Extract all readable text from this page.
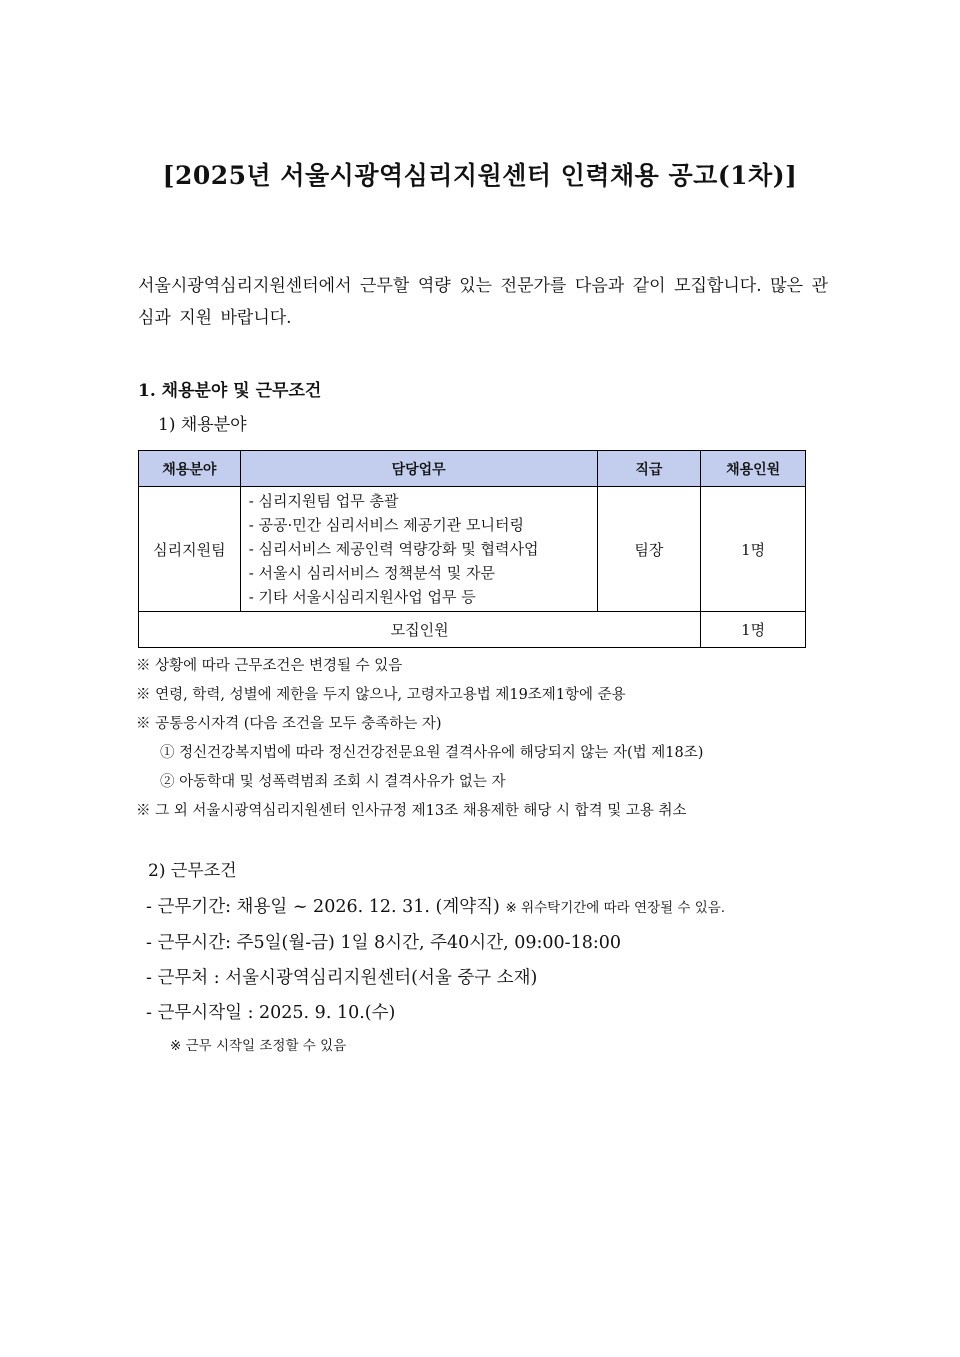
[2025년 서울시광역심리지원센터 인력채용 공고(1차)]
서울시광역심리지원센터에서 근무할 역량 있는 전문가를 다음과 같이 모집합니다. 많은 관심과 지원 바랍니다.
1. 채용분야 및 근무조건
1) 채용분야
채용분야	담당업무	직급	채용인원
심리지원팀	- 심리지원팀 업무 총괄
- 공공·민간 심리서비스 제공기관 모니터링
- 심리서비스 제공인력 역량강화 및 협력사업
- 서울시 심리서비스 정책분석 및 자문
- 기타 서울시심리지원사업 업무 등	팀장	1명
모집인원			1명
※ 상황에 따라 근무조건은 변경될 수 있음
※ 연령, 학력, 성별에 제한을 두지 않으나, 고령자고용법 제19조제1항에 준용
※ 공통응시자격 (다음 조건을 모두 충족하는 자)
① 정신건강복지법에 따라 정신건강전문요원 결격사유에 해당되지 않는 자(법 제18조)
② 아동학대 및 성폭력범죄 조회 시 결격사유가 없는 자
※ 그 외 서울시광역심리지원센터 인사규정 제13조 채용제한 해당 시 합격 및 고용 취소
2) 근무조건
- 근무기간: 채용일 ~ 2026. 12. 31. (계약직) ※ 위수탁기간에 따라 연장될 수 있음.
- 근무시간: 주5일(월-금) 1일 8시간, 주40시간, 09:00-18:00
- 근무처 : 서울시광역심리지원센터(서울 중구 소재)
- 근무시작일 : 2025. 9. 10.(수)
※ 근무 시작일 조정할 수 있음
